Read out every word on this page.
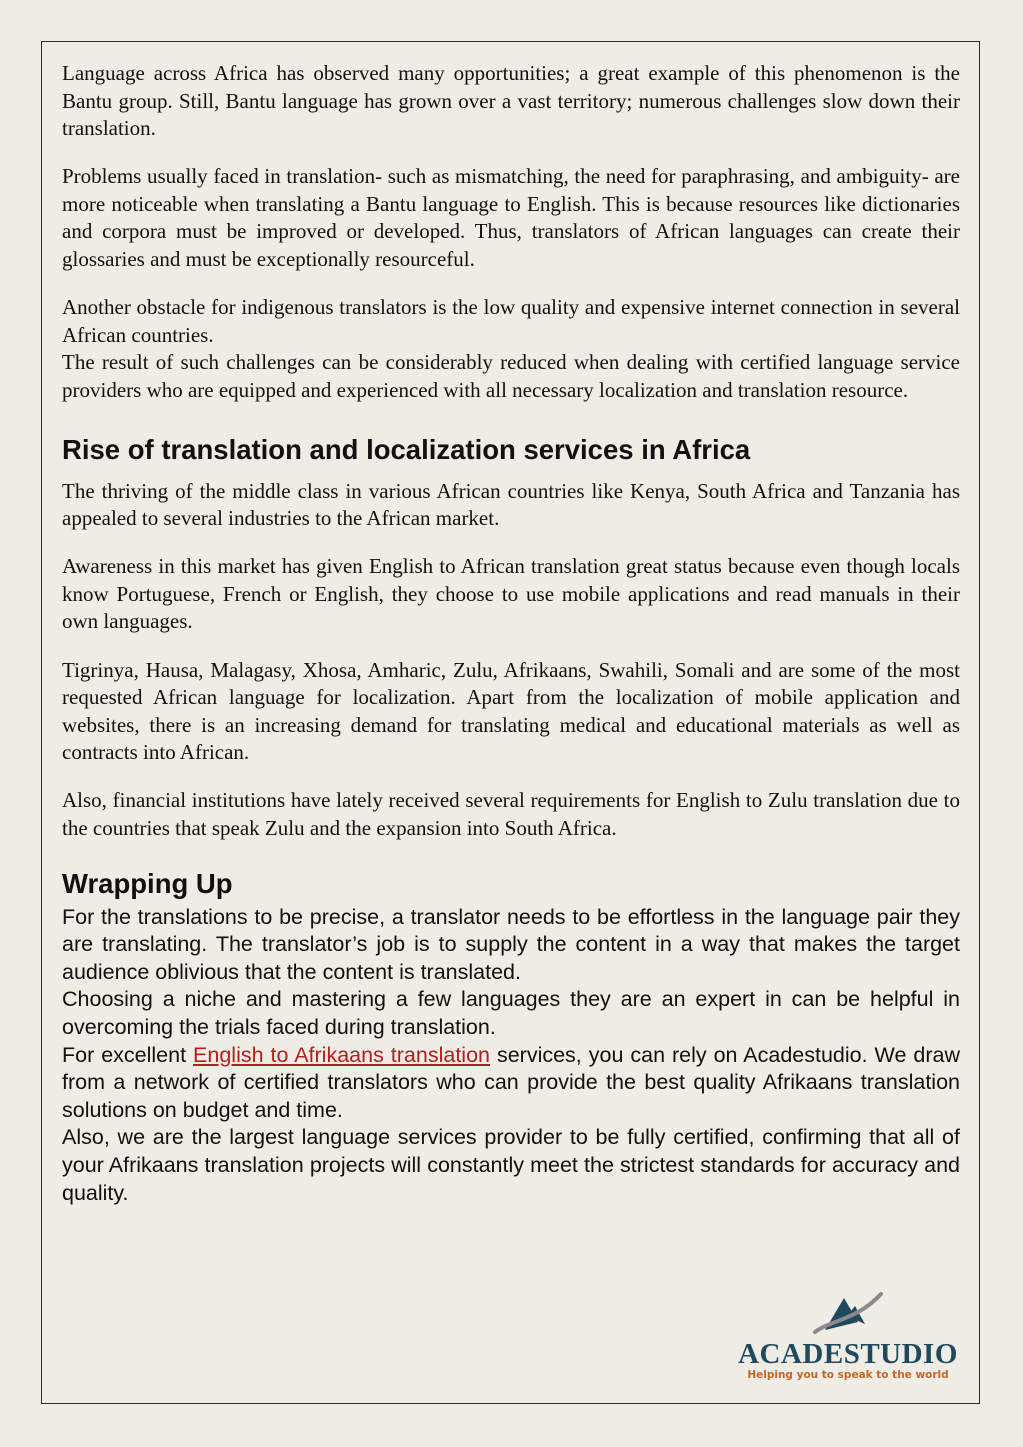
Language across Africa has observed many opportunities; a great example of this phenomenon is the Bantu group. Still, Bantu language has grown over a vast territory; numerous challenges slow down their translation.

Problems usually faced in translation- such as mismatching, the need for paraphrasing, and ambiguity- are more noticeable when translating a Bantu language to English. This is because resources like dictionaries and corpora must be improved or developed. Thus, translators of African languages can create their glossaries and must be exceptionally resourceful.

Another obstacle for indigenous translators is the low quality and expensive internet connection in several African countries.

The result of such challenges can be considerably reduced when dealing with certified language service providers who are equipped and experienced with all necessary localization and translation resource.

Rise of translation and localization services in Africa

The thriving of the middle class in various African countries like Kenya, South Africa and Tanzania has appealed to several industries to the African market.

Awareness in this market has given English to African translation great status because even though locals know Portuguese, French or English, they choose to use mobile applications and read manuals in their own languages.

Tigrinya, Hausa, Malagasy, Xhosa, Amharic, Zulu, Afrikaans, Swahili, Somali and are some of the most requested African language for localization. Apart from the localization of mobile application and websites, there is an increasing demand for translating medical and educational materials as well as contracts into African.

Also, financial institutions have lately received several requirements for English to Zulu translation due to the countries that speak Zulu and the expansion into South Africa.

Wrapping Up

For the translations to be precise, a translator needs to be effortless in the language pair they are translating. The translator’s job is to supply the content in a way that makes the target audience oblivious that the content is translated.

Choosing a niche and mastering a few languages they are an expert in can be helpful in overcoming the trials faced during translation.

For excellent English to Afrikaans translation services, you can rely on Acadestudio. We draw from a network of certified translators who can provide the best quality Afrikaans translation solutions on budget and time.

Also, we are the largest language services provider to be fully certified, confirming that all of your Afrikaans translation projects will constantly meet the strictest standards for accuracy and quality.

ACADESTUDIO
Helping you to speak to the world
